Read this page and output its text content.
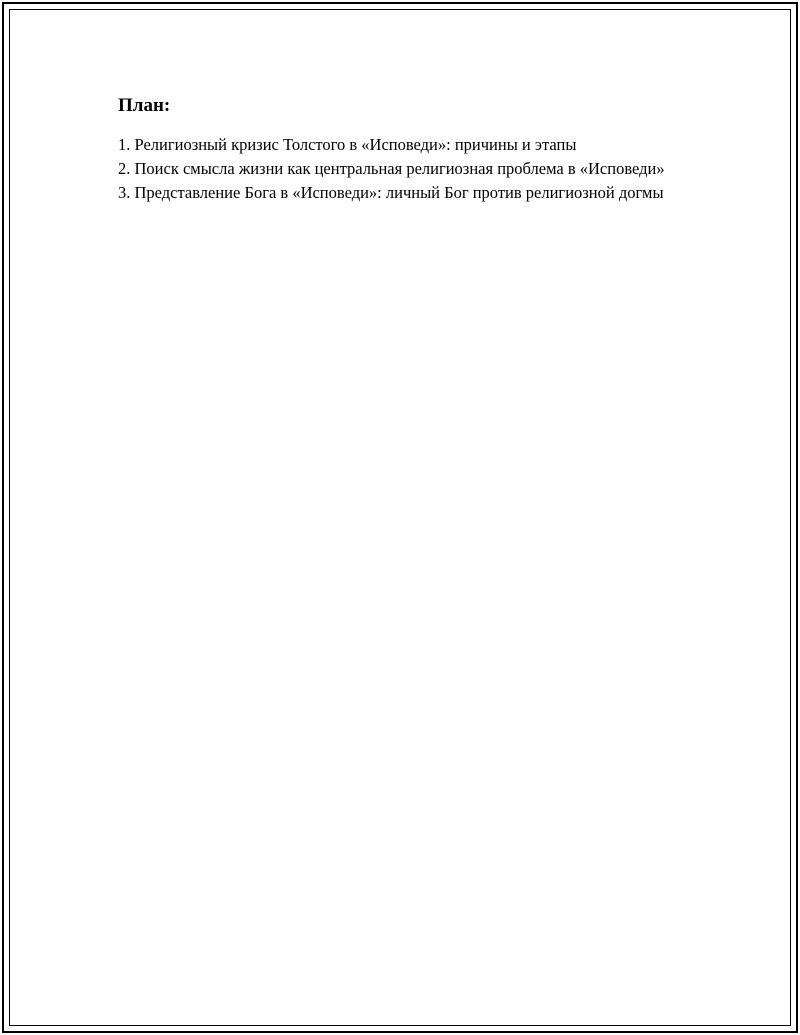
План:
1. Религиозный кризис Толстого в «Исповеди»: причины и этапы
2. Поиск смысла жизни как центральная религиозная проблема в «Исповеди»
3. Представление Бога в «Исповеди»: личный Бог против религиозной догмы
